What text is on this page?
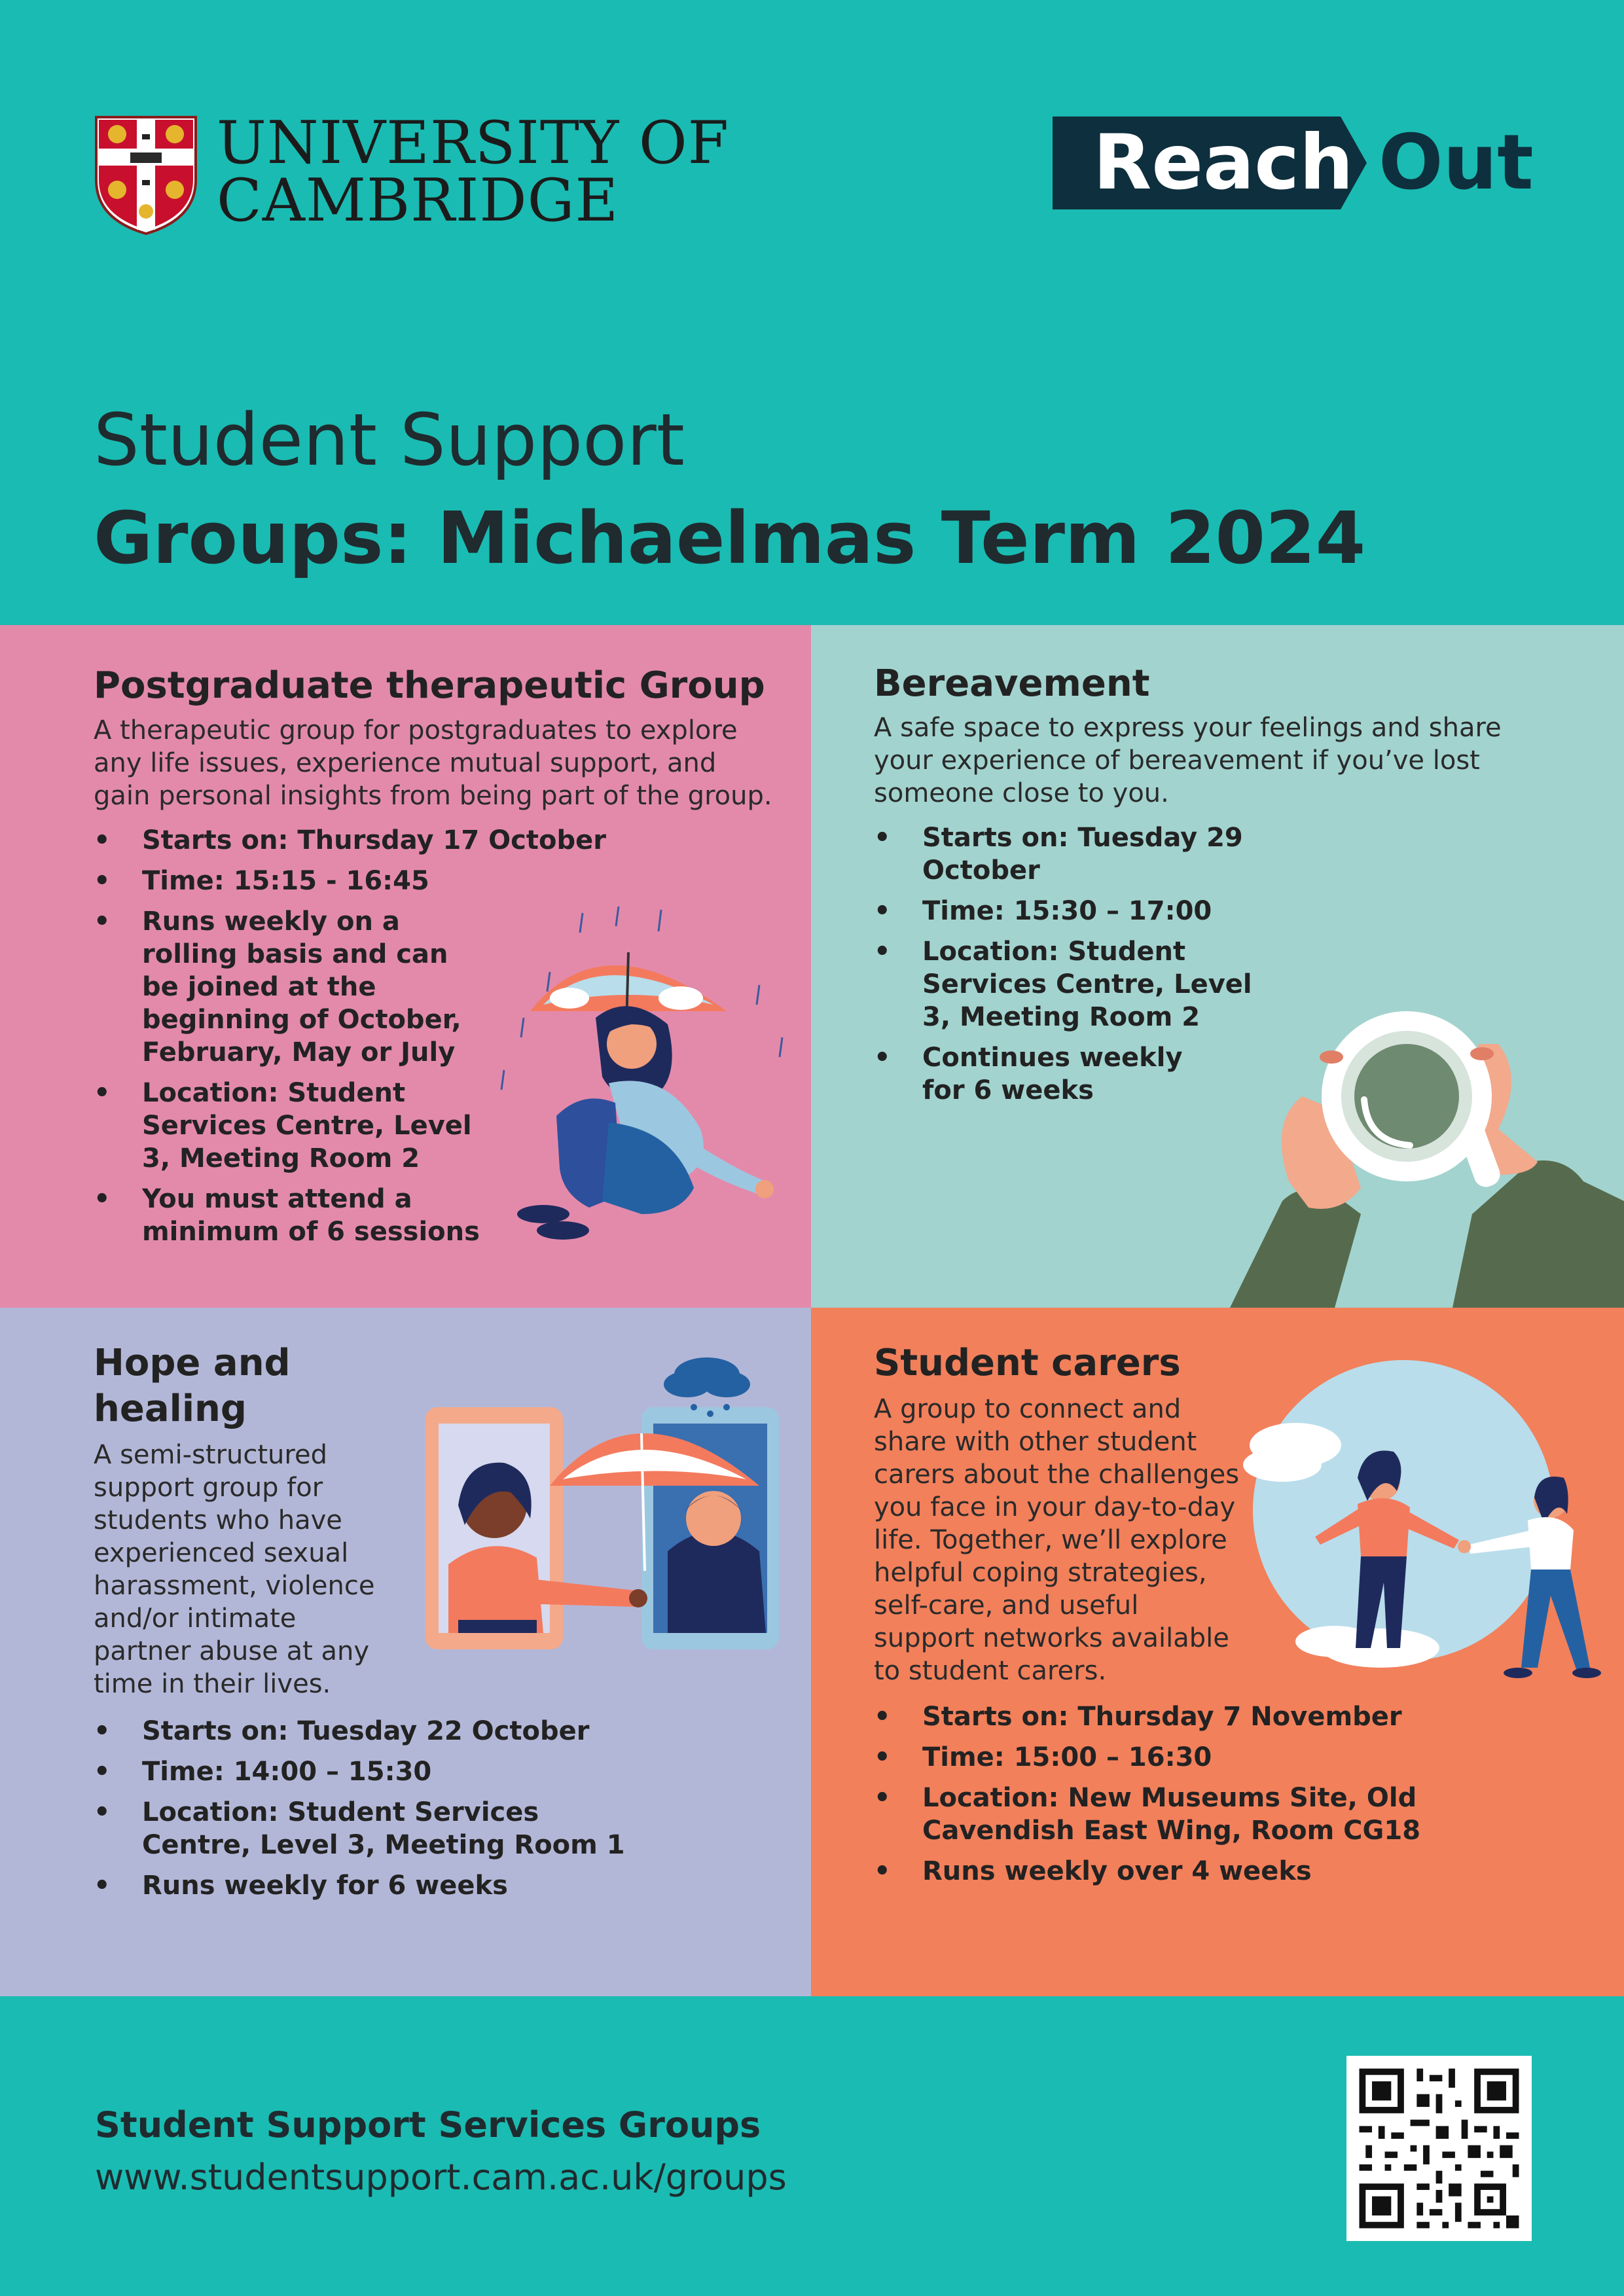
UNIVERSITY OF
CAMBRIDGE	Reach Out
Student Support
Groups: Michaelmas Term 2024
Postgraduate therapeutic Group
A therapeutic group for postgraduates to explore any life issues, experience mutual support, and gain personal insights from being part of the group.
• Starts on: Thursday 17 October
• Time: 15:15 - 16:45
• Runs weekly on a rolling basis and can be joined at the beginning of October, February, May or July
• Location: Student Services Centre, Level 3, Meeting Room 2
• You must attend a minimum of 6 sessions
Bereavement
A safe space to express your feelings and share your experience of bereavement if you’ve lost someone close to you.
• Starts on: Tuesday 29 October
• Time: 15:30 – 17:00
• Location: Student Services Centre, Level 3, Meeting Room 2
• Continues weekly for 6 weeks
Hope and healing
A semi-structured support group for students who have experienced sexual harassment, violence and/or intimate partner abuse at any time in their lives.
• Starts on: Tuesday 22 October
• Time: 14:00 – 15:30
• Location: Student Services Centre, Level 3, Meeting Room 1
• Runs weekly for 6 weeks
Student carers
A group to connect and share with other student carers about the challenges you face in your day-to-day life. Together, we’ll explore helpful coping strategies, self-care, and useful support networks available to student carers.
• Starts on: Thursday 7 November
• Time: 15:00 – 16:30
• Location: New Museums Site, Old Cavendish East Wing, Room CG18
• Runs weekly over 4 weeks
Student Support Services Groups
www.studentsupport.cam.ac.uk/groups
